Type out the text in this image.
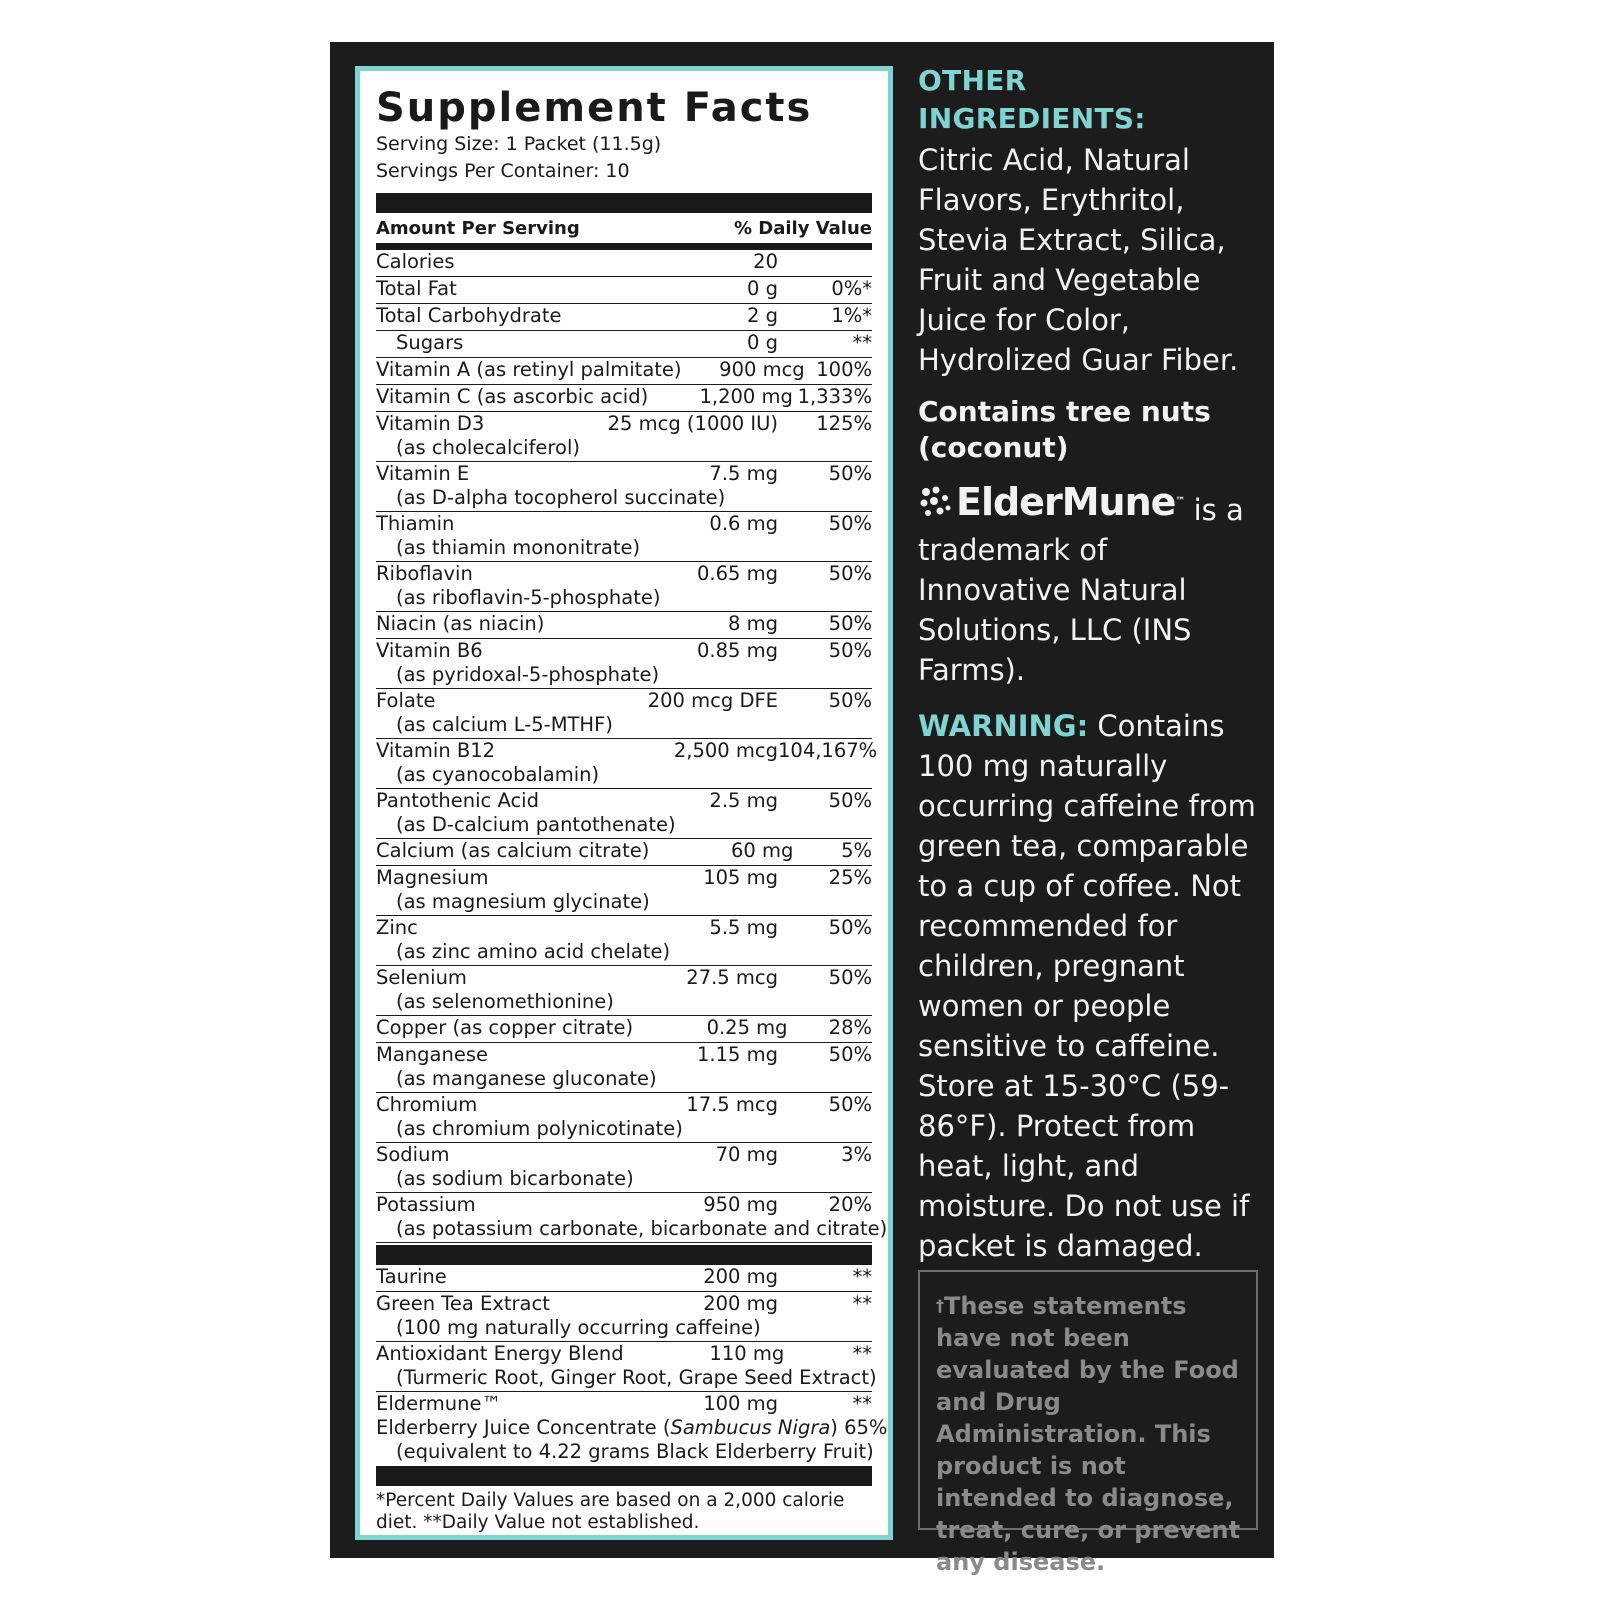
Supplement Facts
Serving Size: 1 Packet (11.5g)
Servings Per Container: 10
Amount Per Serving	% Daily Value
Calories	20
Total Fat	0 g	0%*
Total Carbohydrate	2 g	1%*
Sugars	0 g	**
Vitamin A (as retinyl palmitate)	900 mcg 100%
Vitamin C (as ascorbic acid)	1,200 mg 1,333%
Vitamin D3	25 mcg (1000 IU)	125%
(as cholecalciferol)
Vitamin E	7.5 mg	50%
(as D-alpha tocopherol succinate)
Thiamin	0.6 mg	50%
(as thiamin mononitrate)
Riboflavin	0.65 mg	50%
(as riboflavin-5-phosphate)
Niacin (as niacin)	8 mg	50%
Vitamin B6	0.85 mg	50%
(as pyridoxal-5-phosphate)
Folate	200 mcg DFE	50%
(as calcium L-5-MTHF)
Vitamin B12	2,500 mcg 104,167%
(as cyanocobalamin)
Pantothenic Acid	2.5 mg	50%
(as D-calcium pantothenate)
Calcium (as calcium citrate)	60 mg	5%
Magnesium	105 mg	25%
(as magnesium glycinate)
Zinc	5.5 mg	50%
(as zinc amino acid chelate)
Selenium	27.5 mcg	50%
(as selenomethionine)
Copper (as copper citrate)	0.25 mg	28%
Manganese	1.15 mg	50%
(as manganese gluconate)
Chromium	17.5 mcg	50%
(as chromium polynicotinate)
Sodium	70 mg	3%
(as sodium bicarbonate)
Potassium	950 mg	20%
(as potassium carbonate, bicarbonate and citrate)
Taurine	200 mg	**
Green Tea Extract	200 mg	**
(100 mg naturally occurring caffeine)
Antioxidant Energy Blend	110 mg	**
(Turmeric Root, Ginger Root, Grape Seed Extract)
Eldermune™	100 mg	**
Elderberry Juice Concentrate (Sambucus Nigra) 65%
(equivalent to 4.22 grams Black Elderberry Fruit)
*Percent Daily Values are based on a 2,000 calorie diet. **Daily Value not established.
OTHER INGREDIENTS:
Citric Acid, Natural Flavors, Erythritol, Stevia Extract, Silica, Fruit and Vegetable Juice for Color, Hydrolized Guar Fiber.
Contains tree nuts (coconut)
ElderMune ™ is a
trademark of Innovative Natural Solutions, LLC (INS Farms).
WARNING: Contains 100 mg naturally occurring caffeine from green tea, comparable to a cup of coffee. Not recommended for children, pregnant women or people sensitive to caffeine. Store at 15-30°C (59-86°F). Protect from heat, light, and moisture. Do not use if packet is damaged.
†These statements have not been evaluated by the Food and Drug Administration. This product is not intended to diagnose, treat, cure, or prevent any disease.
